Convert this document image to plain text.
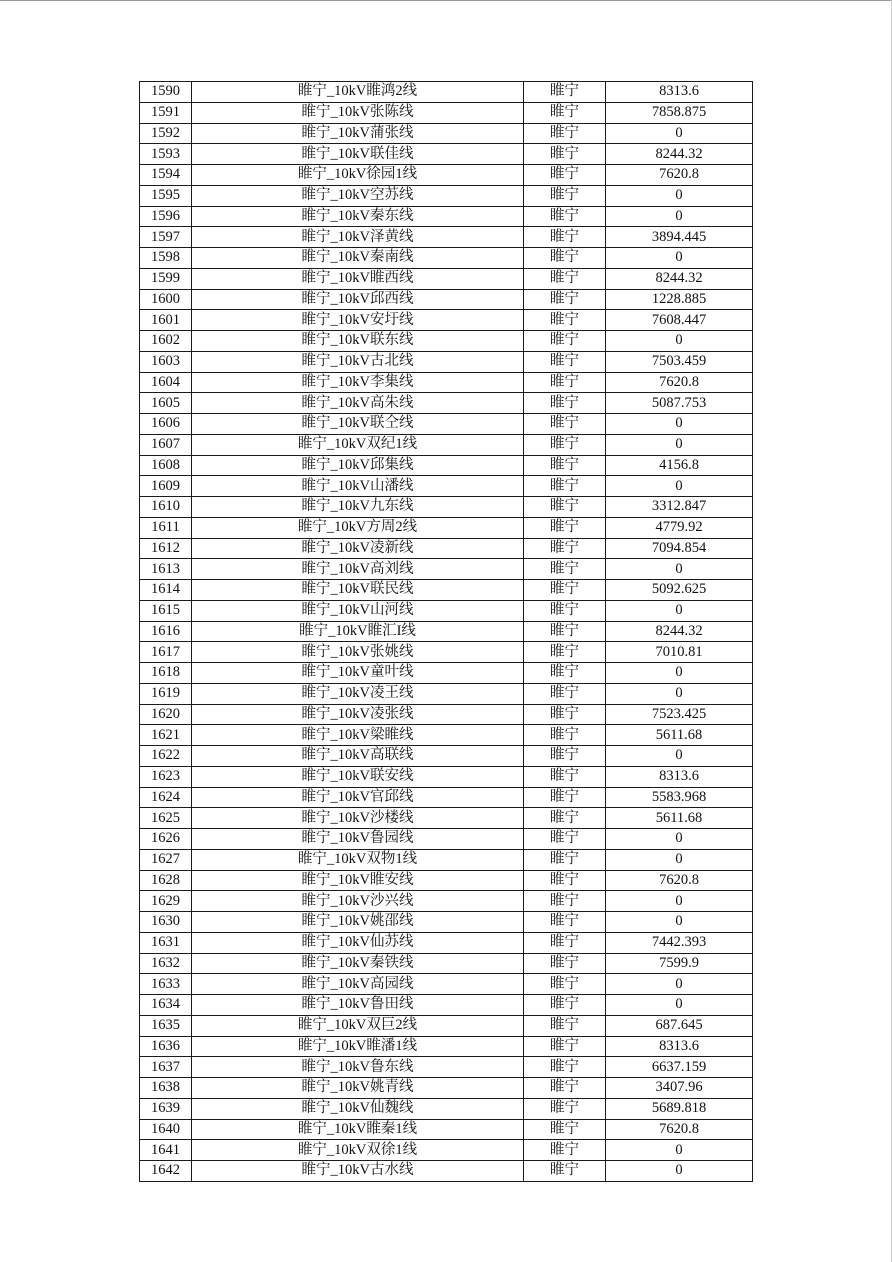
1590	睢宁_10kV睢鸿2线	睢宁	8313.6
1591	睢宁_10kV张陈线	睢宁	7858.875
1592	睢宁_10kV蒲张线	睢宁	0
1593	睢宁_10kV联佳线	睢宁	8244.32
1594	睢宁_10kV徐园1线	睢宁	7620.8
1595	睢宁_10kV空苏线	睢宁	0
1596	睢宁_10kV秦东线	睢宁	0
1597	睢宁_10kV泽黄线	睢宁	3894.445
1598	睢宁_10kV秦南线	睢宁	0
1599	睢宁_10kV睢西线	睢宁	8244.32
1600	睢宁_10kV邱西线	睢宁	1228.885
1601	睢宁_10kV安圩线	睢宁	7608.447
1602	睢宁_10kV联东线	睢宁	0
1603	睢宁_10kV古北线	睢宁	7503.459
1604	睢宁_10kV李集线	睢宁	7620.8
1605	睢宁_10kV高朱线	睢宁	5087.753
1606	睢宁_10kV联仝线	睢宁	0
1607	睢宁_10kV双纪1线	睢宁	0
1608	睢宁_10kV邱集线	睢宁	4156.8
1609	睢宁_10kV山潘线	睢宁	0
1610	睢宁_10kV九东线	睢宁	3312.847
1611	睢宁_10kV方周2线	睢宁	4779.92
1612	睢宁_10kV凌新线	睢宁	7094.854
1613	睢宁_10kV高刘线	睢宁	0
1614	睢宁_10kV联民线	睢宁	5092.625
1615	睢宁_10kV山河线	睢宁	0
1616	睢宁_10kV睢汇I线	睢宁	8244.32
1617	睢宁_10kV张姚线	睢宁	7010.81
1618	睢宁_10kV童叶线	睢宁	0
1619	睢宁_10kV凌王线	睢宁	0
1620	睢宁_10kV凌张线	睢宁	7523.425
1621	睢宁_10kV梁睢线	睢宁	5611.68
1622	睢宁_10kV高联线	睢宁	0
1623	睢宁_10kV联安线	睢宁	8313.6
1624	睢宁_10kV官邱线	睢宁	5583.968
1625	睢宁_10kV沙楼线	睢宁	5611.68
1626	睢宁_10kV鲁园线	睢宁	0
1627	睢宁_10kV双物1线	睢宁	0
1628	睢宁_10kV睢安线	睢宁	7620.8
1629	睢宁_10kV沙兴线	睢宁	0
1630	睢宁_10kV姚邵线	睢宁	0
1631	睢宁_10kV仙苏线	睢宁	7442.393
1632	睢宁_10kV秦铁线	睢宁	7599.9
1633	睢宁_10kV高园线	睢宁	0
1634	睢宁_10kV鲁田线	睢宁	0
1635	睢宁_10kV双巨2线	睢宁	687.645
1636	睢宁_10kV睢潘1线	睢宁	8313.6
1637	睢宁_10kV鲁东线	睢宁	6637.159
1638	睢宁_10kV姚青线	睢宁	3407.96
1639	睢宁_10kV仙魏线	睢宁	5689.818
1640	睢宁_10kV睢秦1线	睢宁	7620.8
1641	睢宁_10kV双徐1线	睢宁	0
1642	睢宁_10kV古水线	睢宁	0
